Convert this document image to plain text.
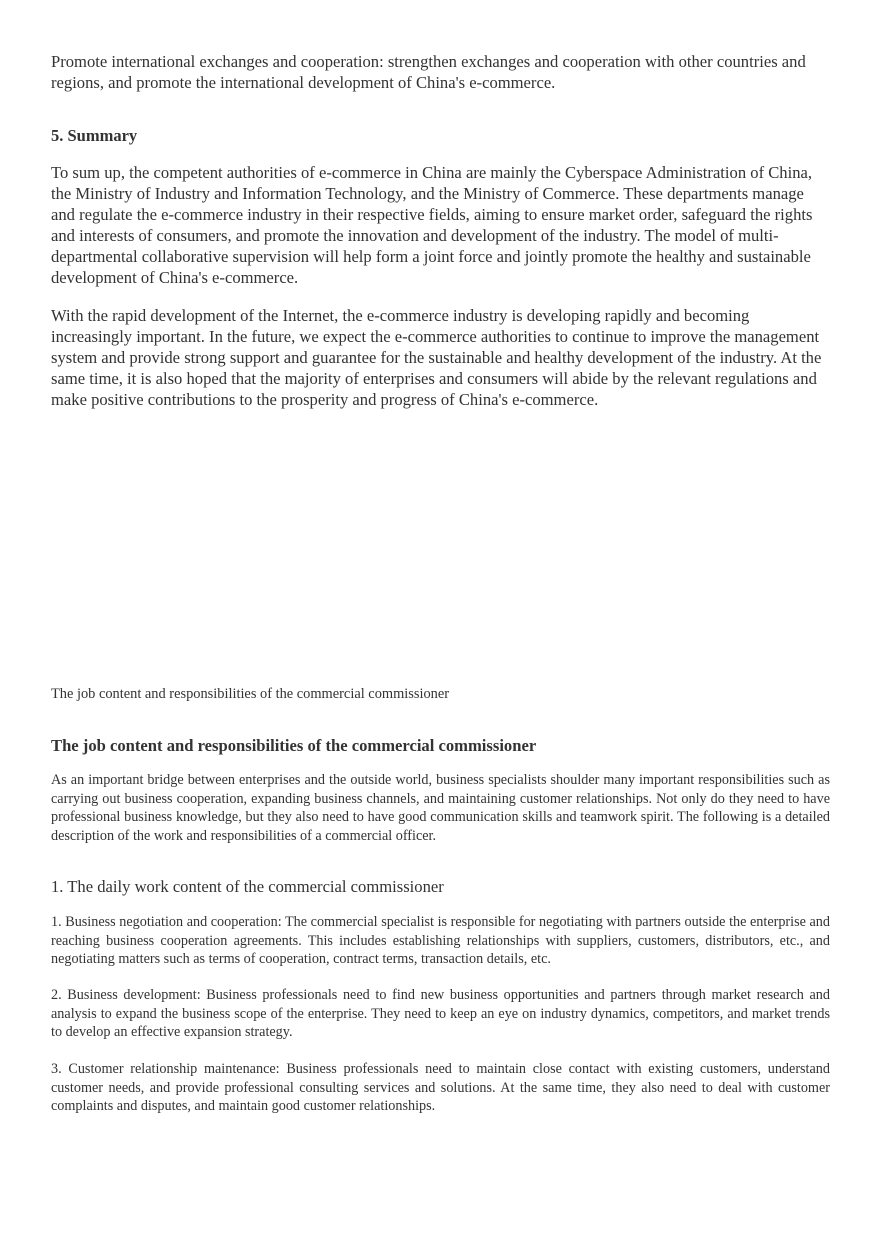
Promote international exchanges and cooperation: strengthen exchanges and cooperation with other countries and regions, and promote the international development of China's e-commerce.

5. Summary

To sum up, the competent authorities of e-commerce in China are mainly the Cyberspace Administration of China, the Ministry of Industry and Information Technology, and the Ministry of Commerce. These departments manage and regulate the e-commerce industry in their respective fields, aiming to ensure market order, safeguard the rights and interests of consumers, and promote the innovation and development of the industry. The model of multi-departmental collaborative supervision will help form a joint force and jointly promote the healthy and sustainable development of China's e-commerce.

With the rapid development of the Internet, the e-commerce industry is developing rapidly and becoming increasingly important. In the future, we expect the e-commerce authorities to continue to improve the management system and provide strong support and guarantee for the sustainable and healthy development of the industry. At the same time, it is also hoped that the majority of enterprises and consumers will abide by the relevant regulations and make positive contributions to the prosperity and progress of China's e-commerce.

The job content and responsibilities of the commercial commissioner
The job content and responsibilities of the commercial commissioner

As an important bridge between enterprises and the outside world, business specialists shoulder many important responsibilities such as carrying out business cooperation, expanding business channels, and maintaining customer relationships. Not only do they need to have professional business knowledge, but they also need to have good communication skills and teamwork spirit. The following is a detailed description of the work and responsibilities of a commercial officer.

1. The daily work content of the commercial commissioner

1. Business negotiation and cooperation: The commercial specialist is responsible for negotiating with partners outside the enterprise and reaching business cooperation agreements. This includes establishing relationships with suppliers, customers, distributors, etc., and negotiating matters such as terms of cooperation, contract terms, transaction details, etc.

2. Business development: Business professionals need to find new business opportunities and partners through market research and analysis to expand the business scope of the enterprise. They need to keep an eye on industry dynamics, competitors, and market trends to develop an effective expansion strategy.

3. Customer relationship maintenance: Business professionals need to maintain close contact with existing customers, understand customer needs, and provide professional consulting services and solutions. At the same time, they also need to deal with customer complaints and disputes, and maintain good customer relationships.
